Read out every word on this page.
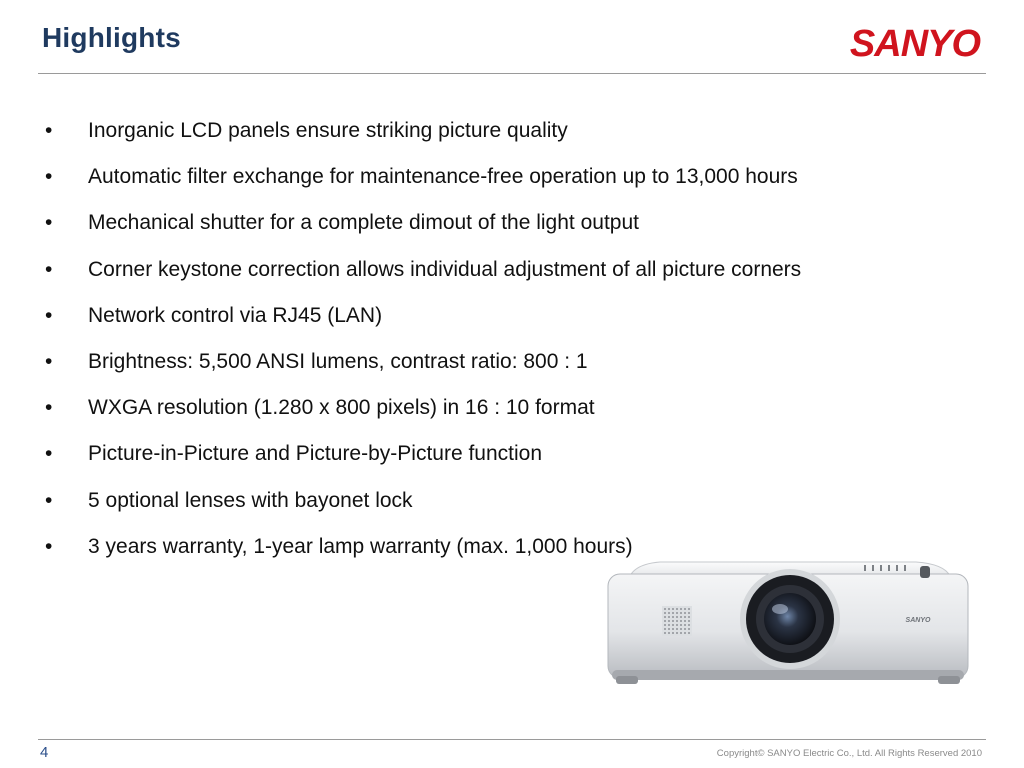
Highlights	SANYO
• Inorganic LCD panels ensure striking picture quality
• Automatic filter exchange for maintenance-free operation up to 13,000 hours
• Mechanical shutter for a complete dimout of the light output
• Corner keystone correction allows individual adjustment of all picture corners
• Network control via RJ45 (LAN)
• Brightness: 5,500 ANSI lumens, contrast ratio: 800 : 1
• WXGA resolution (1.280 x 800 pixels) in 16 : 10 format
• Picture-in-Picture and Picture-by-Picture function
• 5 optional lenses with bayonet lock
• 3 years warranty, 1-year lamp warranty (max. 1,000 hours)
SANYO
4	Copyright© SANYO Electric Co., Ltd. All Rights Reserved 2010
